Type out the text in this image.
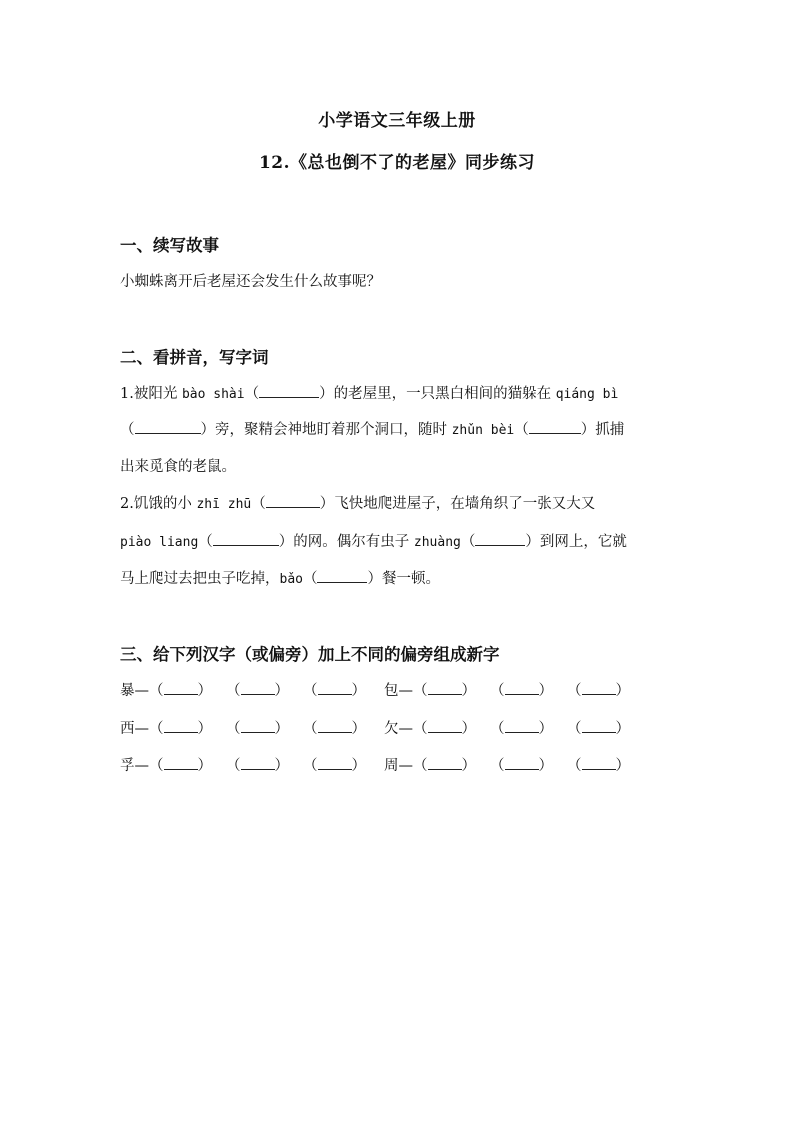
小学语文三年级上册
12.《总也倒不了的老屋》同步练习
一、续写故事
小蜘蛛离开后老屋还会发生什么故事呢？
二、看拼音，写字词
1.被阳光 bào shài（	）的老屋里，一只黑白相间的猫躲在 qiáng bì
（	）旁，聚精会神地盯着那个洞口，随时 zhǔn bèi（	）抓捕
出来觅食的老鼠。
2.饥饿的小 zhī zhū（	）飞快地爬进屋子，在墙角织了一张又大又
piào liang（	）的网。偶尔有虫子 zhuàng（	）到网上，它就
马上爬过去把虫子吃掉，bǎo（	）餐一顿。
三、给下列汉字（或偏旁）加上不同的偏旁组成新字
暴—（ ） （ ） （ ） 包—（ ） （ ） （ ）
西—（ ） （ ） （ ） 欠—（ ） （ ） （ ）
孚—（ ） （ ） （ ） 周—（ ） （ ） （ ）
